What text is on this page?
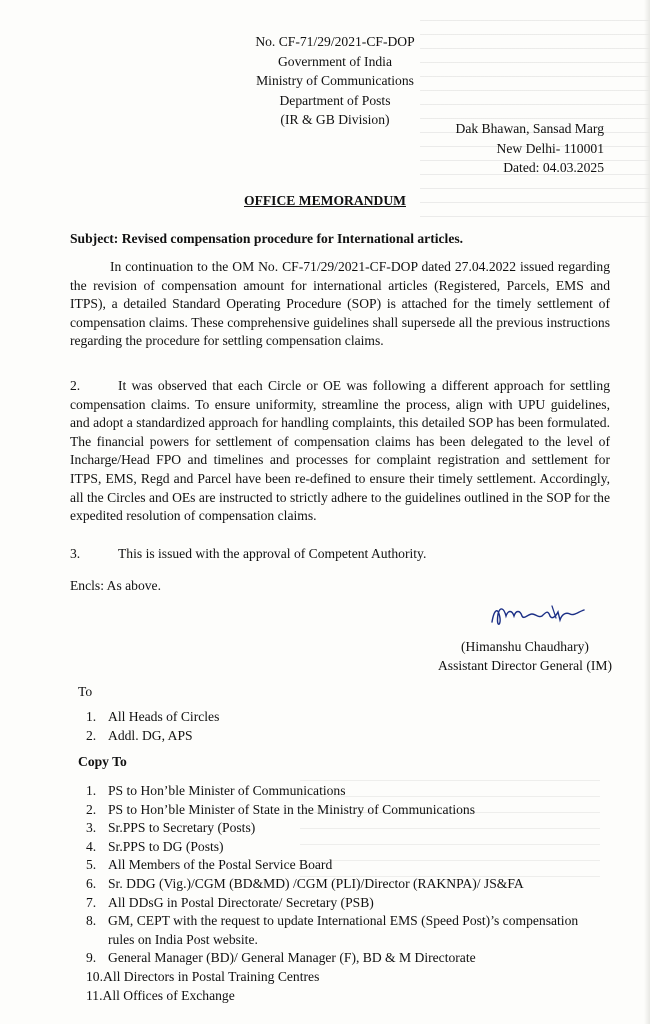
No. CF-71/29/2021-CF-DOP
Government of India
Ministry of Communications
Department of Posts
(IR & GB Division)
Dak Bhawan, Sansad Marg
New Delhi- 110001
Dated: 04.03.2025
OFFICE MEMORANDUM
Subject: Revised compensation procedure for International articles.
In continuation to the OM No. CF-71/29/2021-CF-DOP dated 27.04.2022 issued regarding the revision of compensation amount for international articles (Registered, Parcels, EMS and ITPS), a detailed Standard Operating Procedure (SOP) is attached for the timely settlement of compensation claims. These comprehensive guidelines shall supersede all the previous instructions regarding the procedure for settling compensation claims.
2.	It was observed that each Circle or OE was following a different approach for settling compensation claims. To ensure uniformity, streamline the process, align with UPU guidelines, and adopt a standardized approach for handling complaints, this detailed SOP has been formulated. The financial powers for settlement of compensation claims has been delegated to the level of Incharge/Head FPO and timelines and processes for complaint registration and settlement for ITPS, EMS, Regd and Parcel have been re-defined to ensure their timely settlement. Accordingly, all the Circles and OEs are instructed to strictly adhere to the guidelines outlined in the SOP for the expedited resolution of compensation claims.
3.	This is issued with the approval of Competent Authority.
Encls: As above.
(Himanshu Chaudhary)
Assistant Director General (IM)
To
1. All Heads of Circles
2. Addl. DG, APS
Copy To
1. PS to Hon’ble Minister of Communications
2. PS to Hon’ble Minister of State in the Ministry of Communications
3. Sr.PPS to Secretary (Posts)
4. Sr.PPS to DG (Posts)
5. All Members of the Postal Service Board
6. Sr. DDG (Vig.)/CGM (BD&MD) /CGM (PLI)/Director (RAKNPA)/ JS&FA
7. All DDsG in Postal Directorate/ Secretary (PSB)
8. GM, CEPT with the request to update International EMS (Speed Post)’s compensation rules on India Post website.
9. General Manager (BD)/ General Manager (F), BD & M Directorate
10. All Directors in Postal Training Centres
11. All Offices of Exchange
